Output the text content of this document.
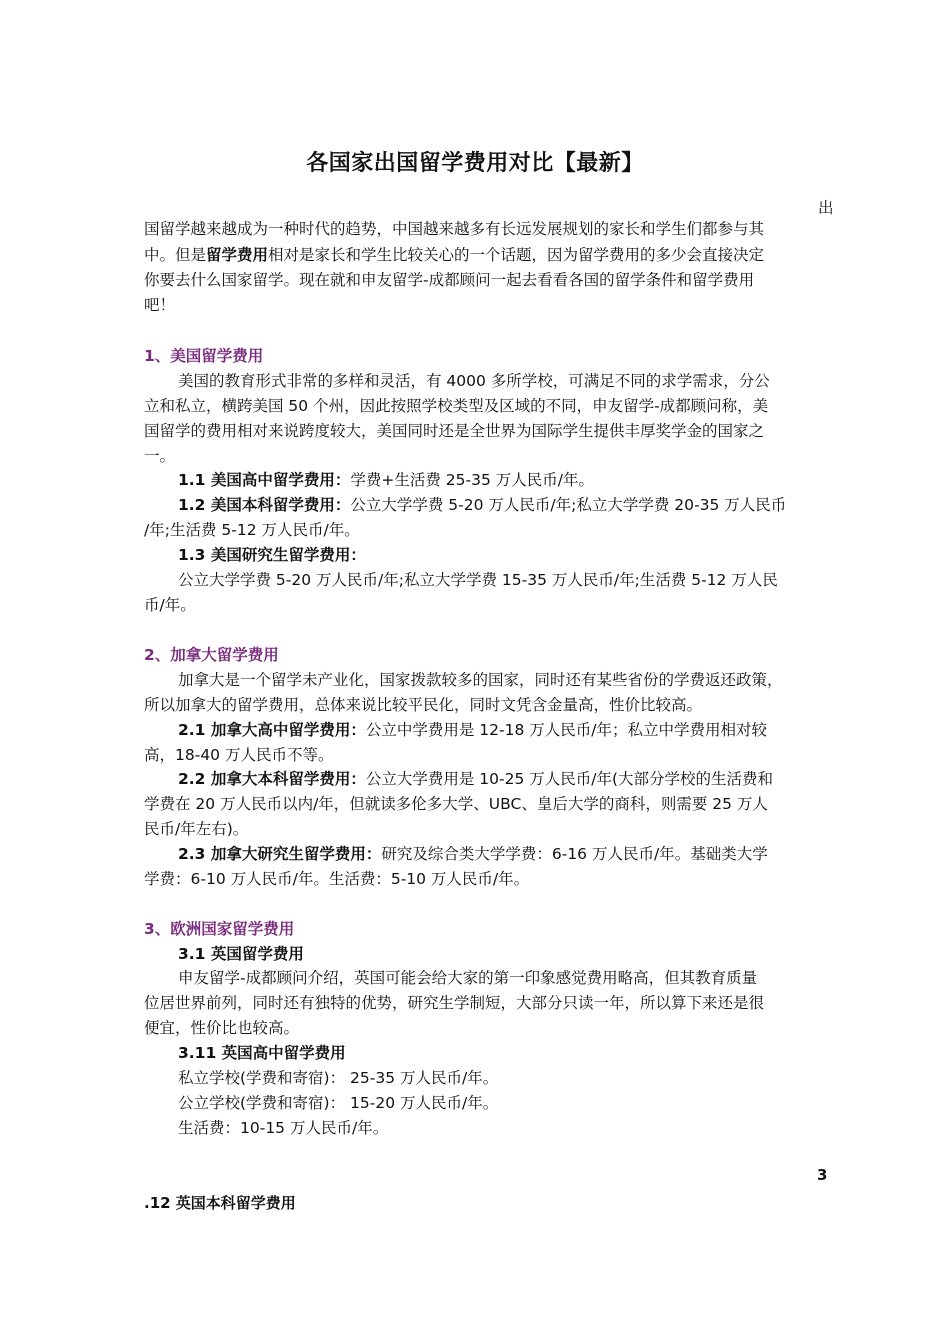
各国家出国留学费用对比【最新】
出
国留学越来越成为一种时代的趋势，中国越来越多有长远发展规划的家长和学生们都参与其
中。但是留学费用相对是家长和学生比较关心的一个话题，因为留学费用的多少会直接决定
你要去什么国家留学。现在就和申友留学-成都顾问一起去看看各国的留学条件和留学费用
吧！
1、美国留学费用
美国的教育形式非常的多样和灵活，有 4000 多所学校，可满足不同的求学需求，分公
立和私立，横跨美国 50 个州，因此按照学校类型及区域的不同，申友留学-成都顾问称，美
国留学的费用相对来说跨度较大，美国同时还是全世界为国际学生提供丰厚奖学金的国家之
一。
1.1 美国高中留学费用：学费+生活费 25-35 万人民币/年。
1.2 美国本科留学费用：公立大学学费 5-20 万人民币/年;私立大学学费 20-35 万人民币
/年;生活费 5-12 万人民币/年。
1.3 美国研究生留学费用：
公立大学学费 5-20 万人民币/年;私立大学学费 15-35 万人民币/年;生活费 5-12 万人民
币/年。
2、加拿大留学费用
加拿大是一个留学未产业化，国家拨款较多的国家，同时还有某些省份的学费返还政策，
所以加拿大的留学费用，总体来说比较平民化，同时文凭含金量高，性价比较高。
2.1 加拿大高中留学费用：公立中学费用是 12-18 万人民币/年；私立中学费用相对较
高，18-40 万人民币不等。
2.2 加拿大本科留学费用：公立大学费用是 10-25 万人民币/年(大部分学校的生活费和
学费在 20 万人民币以内/年，但就读多伦多大学、UBC、皇后大学的商科，则需要 25 万人
民币/年左右)。
2.3 加拿大研究生留学费用：研究及综合类大学学费：6-16 万人民币/年。基础类大学
学费：6-10 万人民币/年。生活费：5-10 万人民币/年。
3、欧洲国家留学费用
3.1 英国留学费用
申友留学-成都顾问介绍，英国可能会给大家的第一印象感觉费用略高，但其教育质量
位居世界前列，同时还有独特的优势，研究生学制短，大部分只读一年，所以算下来还是很
便宜，性价比也较高。
3.11 英国高中留学费用
私立学校(学费和寄宿)： 25-35 万人民币/年。
公立学校(学费和寄宿)： 15-20 万人民币/年。
生活费：10-15 万人民币/年。
3
.12 英国本科留学费用
